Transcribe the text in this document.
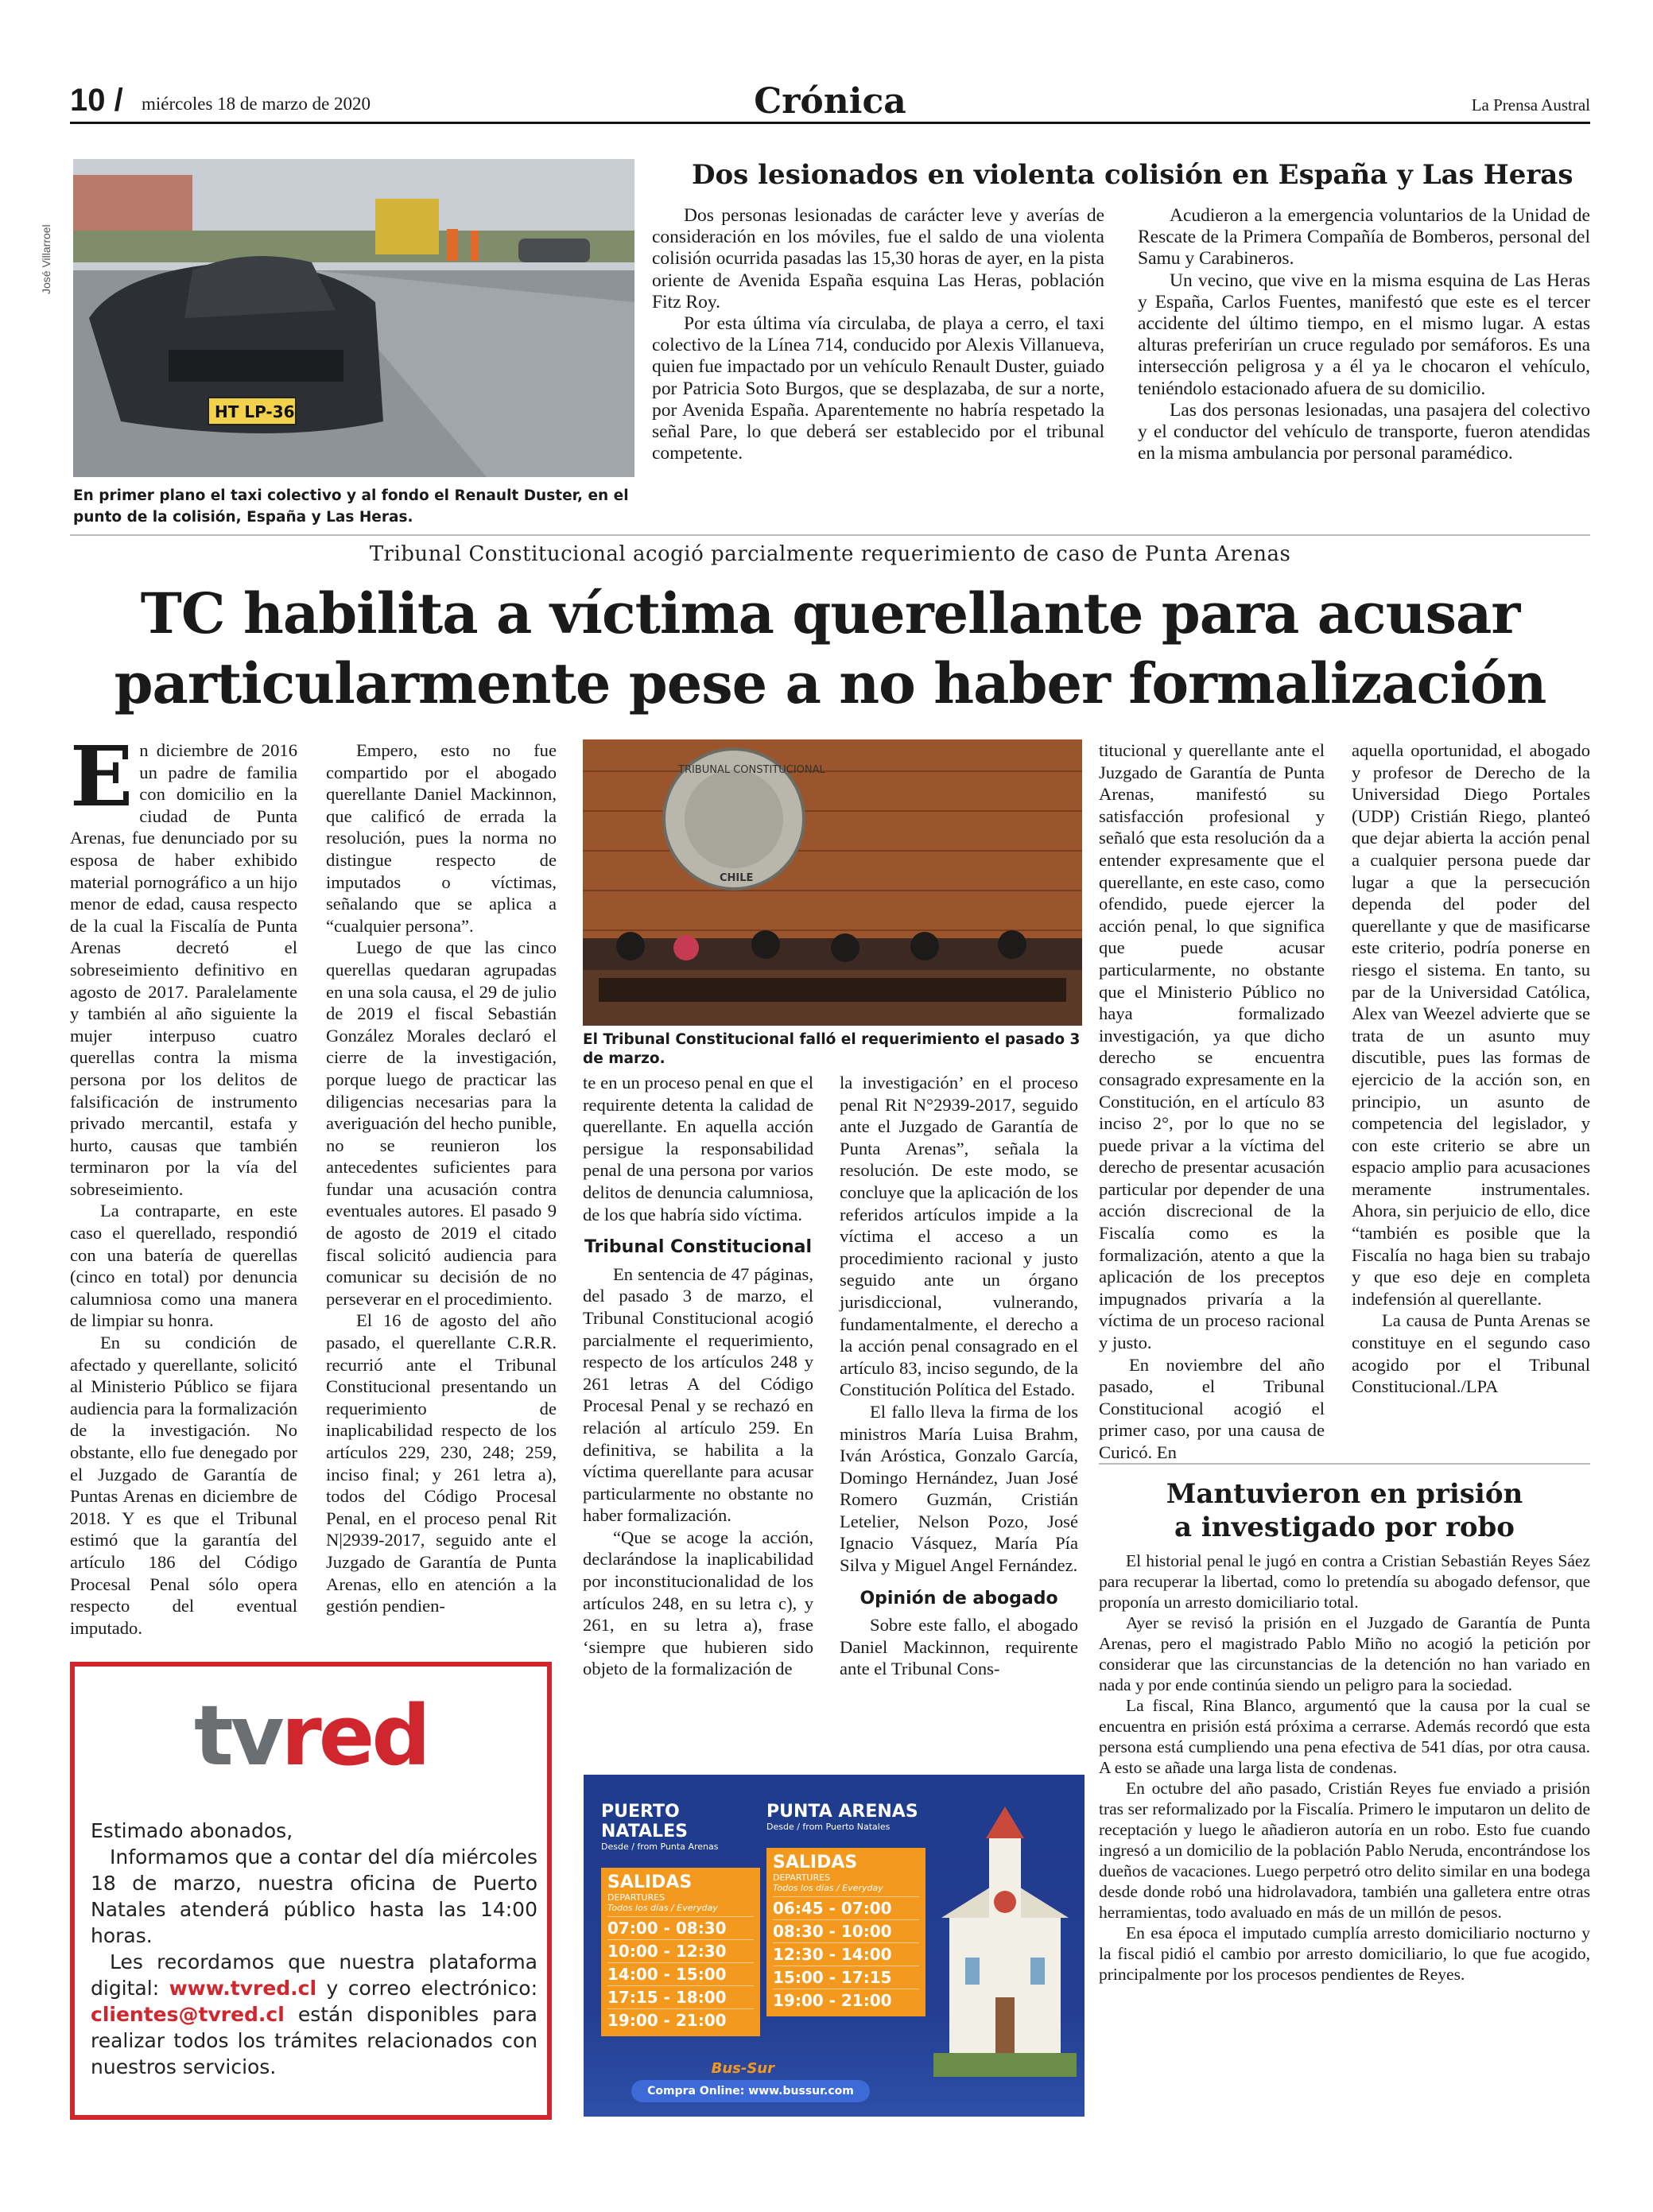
10 / miércoles 18 de marzo de 2020	Crónica	La Prensa Austral
José Villarroel
HT LP-36
En primer plano el taxi colectivo y al fondo el Renault Duster, en el punto de la colisión, España y Las Heras.
Dos lesionados en violenta colisión en España y Las Heras

Dos personas lesionadas de carácter leve y averías de consideración en los móviles, fue el saldo de una violenta colisión ocurrida pasadas las 15,30 horas de ayer, en la pista oriente de Avenida España esquina Las Heras, población Fitz Roy.

Por esta última vía circulaba, de playa a cerro, el taxi colectivo de la Línea 714, conducido por Alexis Villanueva, quien fue impactado por un vehículo Renault Duster, guiado por Patricia Soto Burgos, que se desplazaba, de sur a norte, por Avenida España. Aparentemente no habría respetado la señal Pare, lo que deberá ser establecido por el tribunal competente.

Acudieron a la emergencia voluntarios de la Unidad de Rescate de la Primera Compañía de Bomberos, personal del Samu y Carabineros.

Un vecino, que vive en la misma esquina de Las Heras y España, Carlos Fuentes, manifestó que este es el tercer accidente del último tiempo, en el mismo lugar. A estas alturas preferirían un cruce regulado por semáforos. Es una intersección peligrosa y a él ya le chocaron el vehículo, teniéndolo estacionado afuera de su domicilio.

Las dos personas lesionadas, una pasajera del colectivo y el conductor del vehículo de transporte, fueron atendidas en la misma ambulancia por personal paramédico.

Tribunal Constitucional acogió parcialmente requerimiento de caso de Punta Arenas
TC habilita a víctima querellante para acusar
particularmente pese a no haber formalización

En diciembre de 2016 un padre de familia con domicilio en la ciudad de Punta Arenas, fue denunciado por su esposa de haber exhibido material pornográfico a un hijo menor de edad, causa respecto de la cual la Fiscalía de Punta Arenas decretó el sobreseimiento definitivo en agosto de 2017. Paralelamente y también al año siguiente la mujer interpuso cuatro querellas contra la misma persona por los delitos de falsificación de instrumento privado mercantil, estafa y hurto, causas que también terminaron por la vía del sobreseimiento.

La contraparte, en este caso el querellado, respondió con una batería de querellas (cinco en total) por denuncia calumniosa como una manera de limpiar su honra.

En su condición de afectado y querellante, solicitó al Ministerio Público se fijara audiencia para la formalización de la investigación. No obstante, ello fue denegado por el Juzgado de Garantía de Puntas Arenas en diciembre de 2018. Y es que el Tribunal estimó que la garantía del artículo 186 del Código Procesal Penal sólo opera respecto del eventual imputado.

Empero, esto no fue compartido por el abogado querellante Daniel Mackinnon, que calificó de errada la resolución, pues la norma no distingue respecto de imputados o víctimas, señalando que se aplica a “cualquier persona”.

Luego de que las cinco querellas quedaran agrupadas en una sola causa, el 29 de julio de 2019 el fiscal Sebastián González Morales declaró el cierre de la investigación, porque luego de practicar las diligencias necesarias para la averiguación del hecho punible, no se reunieron los antecedentes suficientes para fundar una acusación contra eventuales autores. El pasado 9 de agosto de 2019 el citado fiscal solicitó audiencia para comunicar su decisión de no perseverar en el procedimiento.

El 16 de agosto del año pasado, el querellante C.R.R. recurrió ante el Tribunal Constitucional presentando un requerimiento de inaplicabilidad respecto de los artículos 229, 230, 248; 259, inciso final; y 261 letra a), todos del Código Procesal Penal, en el proceso penal Rit N|2939-2017, seguido ante el Juzgado de Garantía de Punta Arenas, ello en atención a la gestión pendien-

TRIBUNAL CONSTITUCIONAL
CHILE
El Tribunal Constitucional falló el requerimiento el pasado 3 de marzo.

te en un proceso penal en que el requirente detenta la calidad de querellante. En aquella acción persigue la responsabilidad penal de una persona por varios delitos de denuncia calumniosa, de los que habría sido víctima.

Tribunal Constitucional

En sentencia de 47 páginas, del pasado 3 de marzo, el Tribunal Constitucional acogió parcialmente el requerimiento, respecto de los artículos 248 y 261 letras A del Código Procesal Penal y se rechazó en relación al artículo 259. En definitiva, se habilita a la víctima querellante para acusar particularmente no obstante no haber formalización.

“Que se acoge la acción, declarándose la inaplicabilidad por inconstitucionalidad de los artículos 248, en su letra c), y 261, en su letra a), frase ‘siempre que hubieren sido objeto de la formalización de

la investigación’ en el proceso penal Rit N°2939-2017, seguido ante el Juzgado de Garantía de Punta Arenas”, señala la resolución. De este modo, se concluye que la aplicación de los referidos artículos impide a la víctima el acceso a un procedimiento racional y justo seguido ante un órgano jurisdiccional, vulnerando, fundamentalmente, el derecho a la acción penal consagrado en el artículo 83, inciso segundo, de la Constitución Política del Estado.

El fallo lleva la firma de los ministros María Luisa Brahm, Iván Aróstica, Gonzalo García, Domingo Hernández, Juan José Romero Guzmán, Cristián Letelier, Nelson Pozo, José Ignacio Vásquez, María Pía Silva y Miguel Angel Fernández.

Opinión de abogado

Sobre este fallo, el abogado Daniel Mackinnon, requirente ante el Tribunal Cons-

titucional y querellante ante el Juzgado de Garantía de Punta Arenas, manifestó su satisfacción profesional y señaló que esta resolución da a entender expresamente que el querellante, en este caso, como ofendido, puede ejercer la acción penal, lo que significa que puede acusar particularmente, no obstante que el Ministerio Público no haya formalizado investigación, ya que dicho derecho se encuentra consagrado expresamente en la Constitución, en el artículo 83 inciso 2°, por lo que no se puede privar a la víctima del derecho de presentar acusación particular por depender de una acción discrecional de la Fiscalía como es la formalización, atento a que la aplicación de los preceptos impugnados privaría a la víctima de un proceso racional y justo.

En noviembre del año pasado, el Tribunal Constitucional acogió el primer caso, por una causa de Curicó. En

aquella oportunidad, el abogado y profesor de Derecho de la Universidad Diego Portales (UDP) Cristián Riego, planteó que dejar abierta la acción penal a cualquier persona puede dar lugar a que la persecución dependa del poder del querellante y que de masificarse este criterio, podría ponerse en riesgo el sistema. En tanto, su par de la Universidad Católica, Alex van Weezel advierte que se trata de un asunto muy discutible, pues las formas de ejercicio de la acción son, en principio, un asunto de competencia del legislador, y con este criterio se abre un espacio amplio para acusaciones meramente instrumentales. Ahora, sin perjuicio de ello, dice “también es posible que la Fiscalía no haga bien su trabajo y que eso deje en completa indefensión al querellante.

La causa de Punta Arenas se constituye en el segundo caso acogido por el Tribunal Constitucional./LPA

Mantuvieron en prisión
a investigado por robo

El historial penal le jugó en contra a Cristian Sebastián Reyes Sáez para recuperar la libertad, como lo pretendía su abogado defensor, que proponía un arresto domiciliario total.

Ayer se revisó la prisión en el Juzgado de Garantía de Punta Arenas, pero el magistrado Pablo Miño no acogió la petición por considerar que las circunstancias de la detención no han variado en nada y por ende continúa siendo un peligro para la sociedad.

La fiscal, Rina Blanco, argumentó que la causa por la cual se encuentra en prisión está próxima a cerrarse. Además recordó que esta persona está cumpliendo una pena efectiva de 541 días, por otra causa. A esto se añade una larga lista de condenas.

En octubre del año pasado, Cristián Reyes fue enviado a prisión tras ser reformalizado por la Fiscalía. Primero le imputaron un delito de receptación y luego le añadieron autoría en un robo. Esto fue cuando ingresó a un domicilio de la población Pablo Neruda, encontrándose los dueños de vacaciones. Luego perpetró otro delito similar en una bodega desde donde robó una hidrolavadora, también una galletera entre otras herramientas, todo avaluado en más de un millón de pesos.

En esa época el imputado cumplía arresto domiciliario nocturno y la fiscal pidió el cambio por arresto domiciliario, lo que fue acogido, principalmente por los procesos pendientes de Reyes.

tvred

Estimado abonados,

Informamos que a contar del día miércoles 18 de marzo, nuestra oficina de Puerto Natales atenderá público hasta las 14:00 horas.

Les recordamos que nuestra plataforma digital: www.tvred.cl y correo electrónico: clientes@tvred.cl están disponibles para realizar todos los trámites relacionados con nuestros servicios.

PUERTO NATALES
Desde / from Punta Arenas
SALIDAS
DEPARTURES
Todos los días / Everyday
07:00 - 08:30
10:00 - 12:30
14:00 - 15:00
17:15 - 18:00
19:00 - 21:00
PUNTA ARENAS
Desde / from Puerto Natales
SALIDAS
DEPARTURES
Todos los días / Everyday
06:45 - 07:00
08:30 - 10:00
12:30 - 14:00
15:00 - 17:15
19:00 - 21:00
Bus-Sur
Compra Online: www.bussur.com
